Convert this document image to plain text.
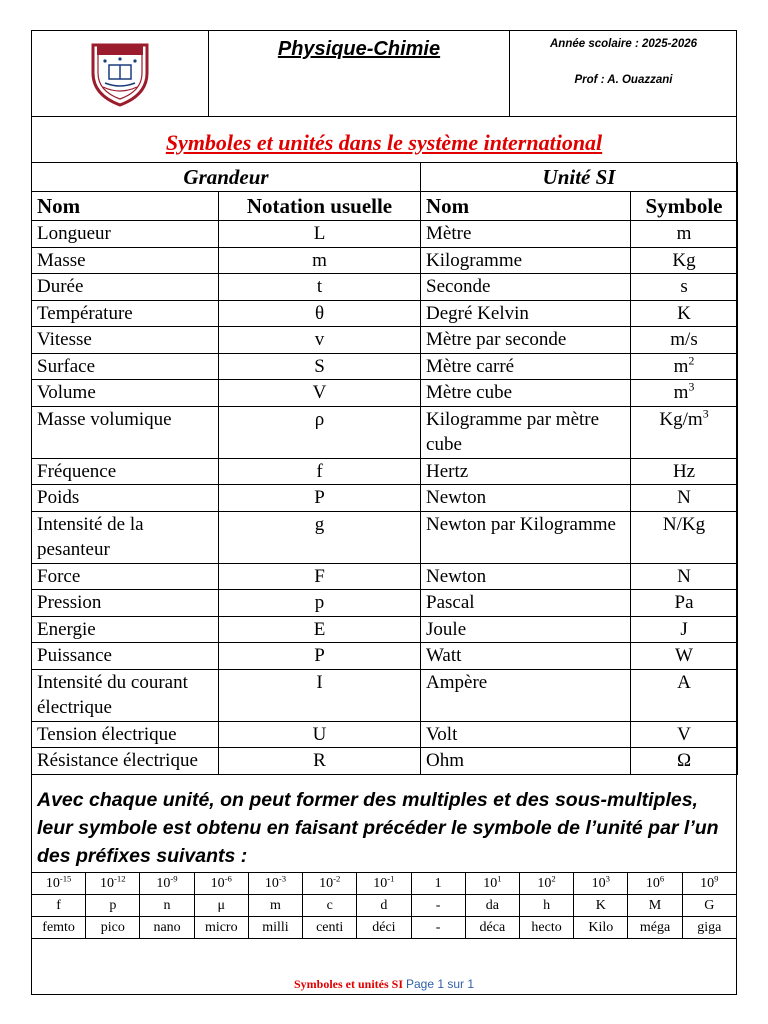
Physique-Chimie	Année scolaire : 2025-2026
Prof : A. Ouazzani
Symboles et unités dans le système international
Grandeur		Unité SI	
Nom	Notation usuelle	Nom	Symbole
Longueur	L	Mètre	m
Masse	m	Kilogramme	Kg
Durée	t	Seconde	s
Température	θ	Degré Kelvin	K
Vitesse	v	Mètre par seconde	m/s
Surface	S	Mètre carré	$m^2$
Volume	V	Mètre cube	$m^3$
Masse volumique	ρ	Kilogramme par mètre cube	$Kg/m^3$
Fréquence	f	Hertz	Hz
Poids	P	Newton	N
Intensité de la pesanteur	g	Newton par Kilogramme	N/Kg
Force	F	Newton	N
Pression	p	Pascal	Pa
Energie	E	Joule	J
Puissance	P	Watt	W
Intensité du courant électrique	I	Ampère	A
Tension électrique	U	Volt	V
Résistance électrique	R	Ohm	Ω
Avec chaque unité, on peut former des multiples et des sous-multiples, leur symbole est obtenu en faisant précéder le symbole de l’unité par l’un des préfixes suivants :
$10^{-15}$	$10^{-12}$	$10^{-9}$	$10^{-6}$	$10^{-3}$	$10^{-2}$	$10^{-1}$	1	$10^1$	$10^2$	$10^3$	$10^6$	$10^9$
f	p	n	μ	m	c	d	-	da	h	K	M	G
femto	pico	nano	micro	milli	centi	déci	-	déca	hecto	Kilo	méga	giga
Symboles et unités SI Page 1 sur 1
